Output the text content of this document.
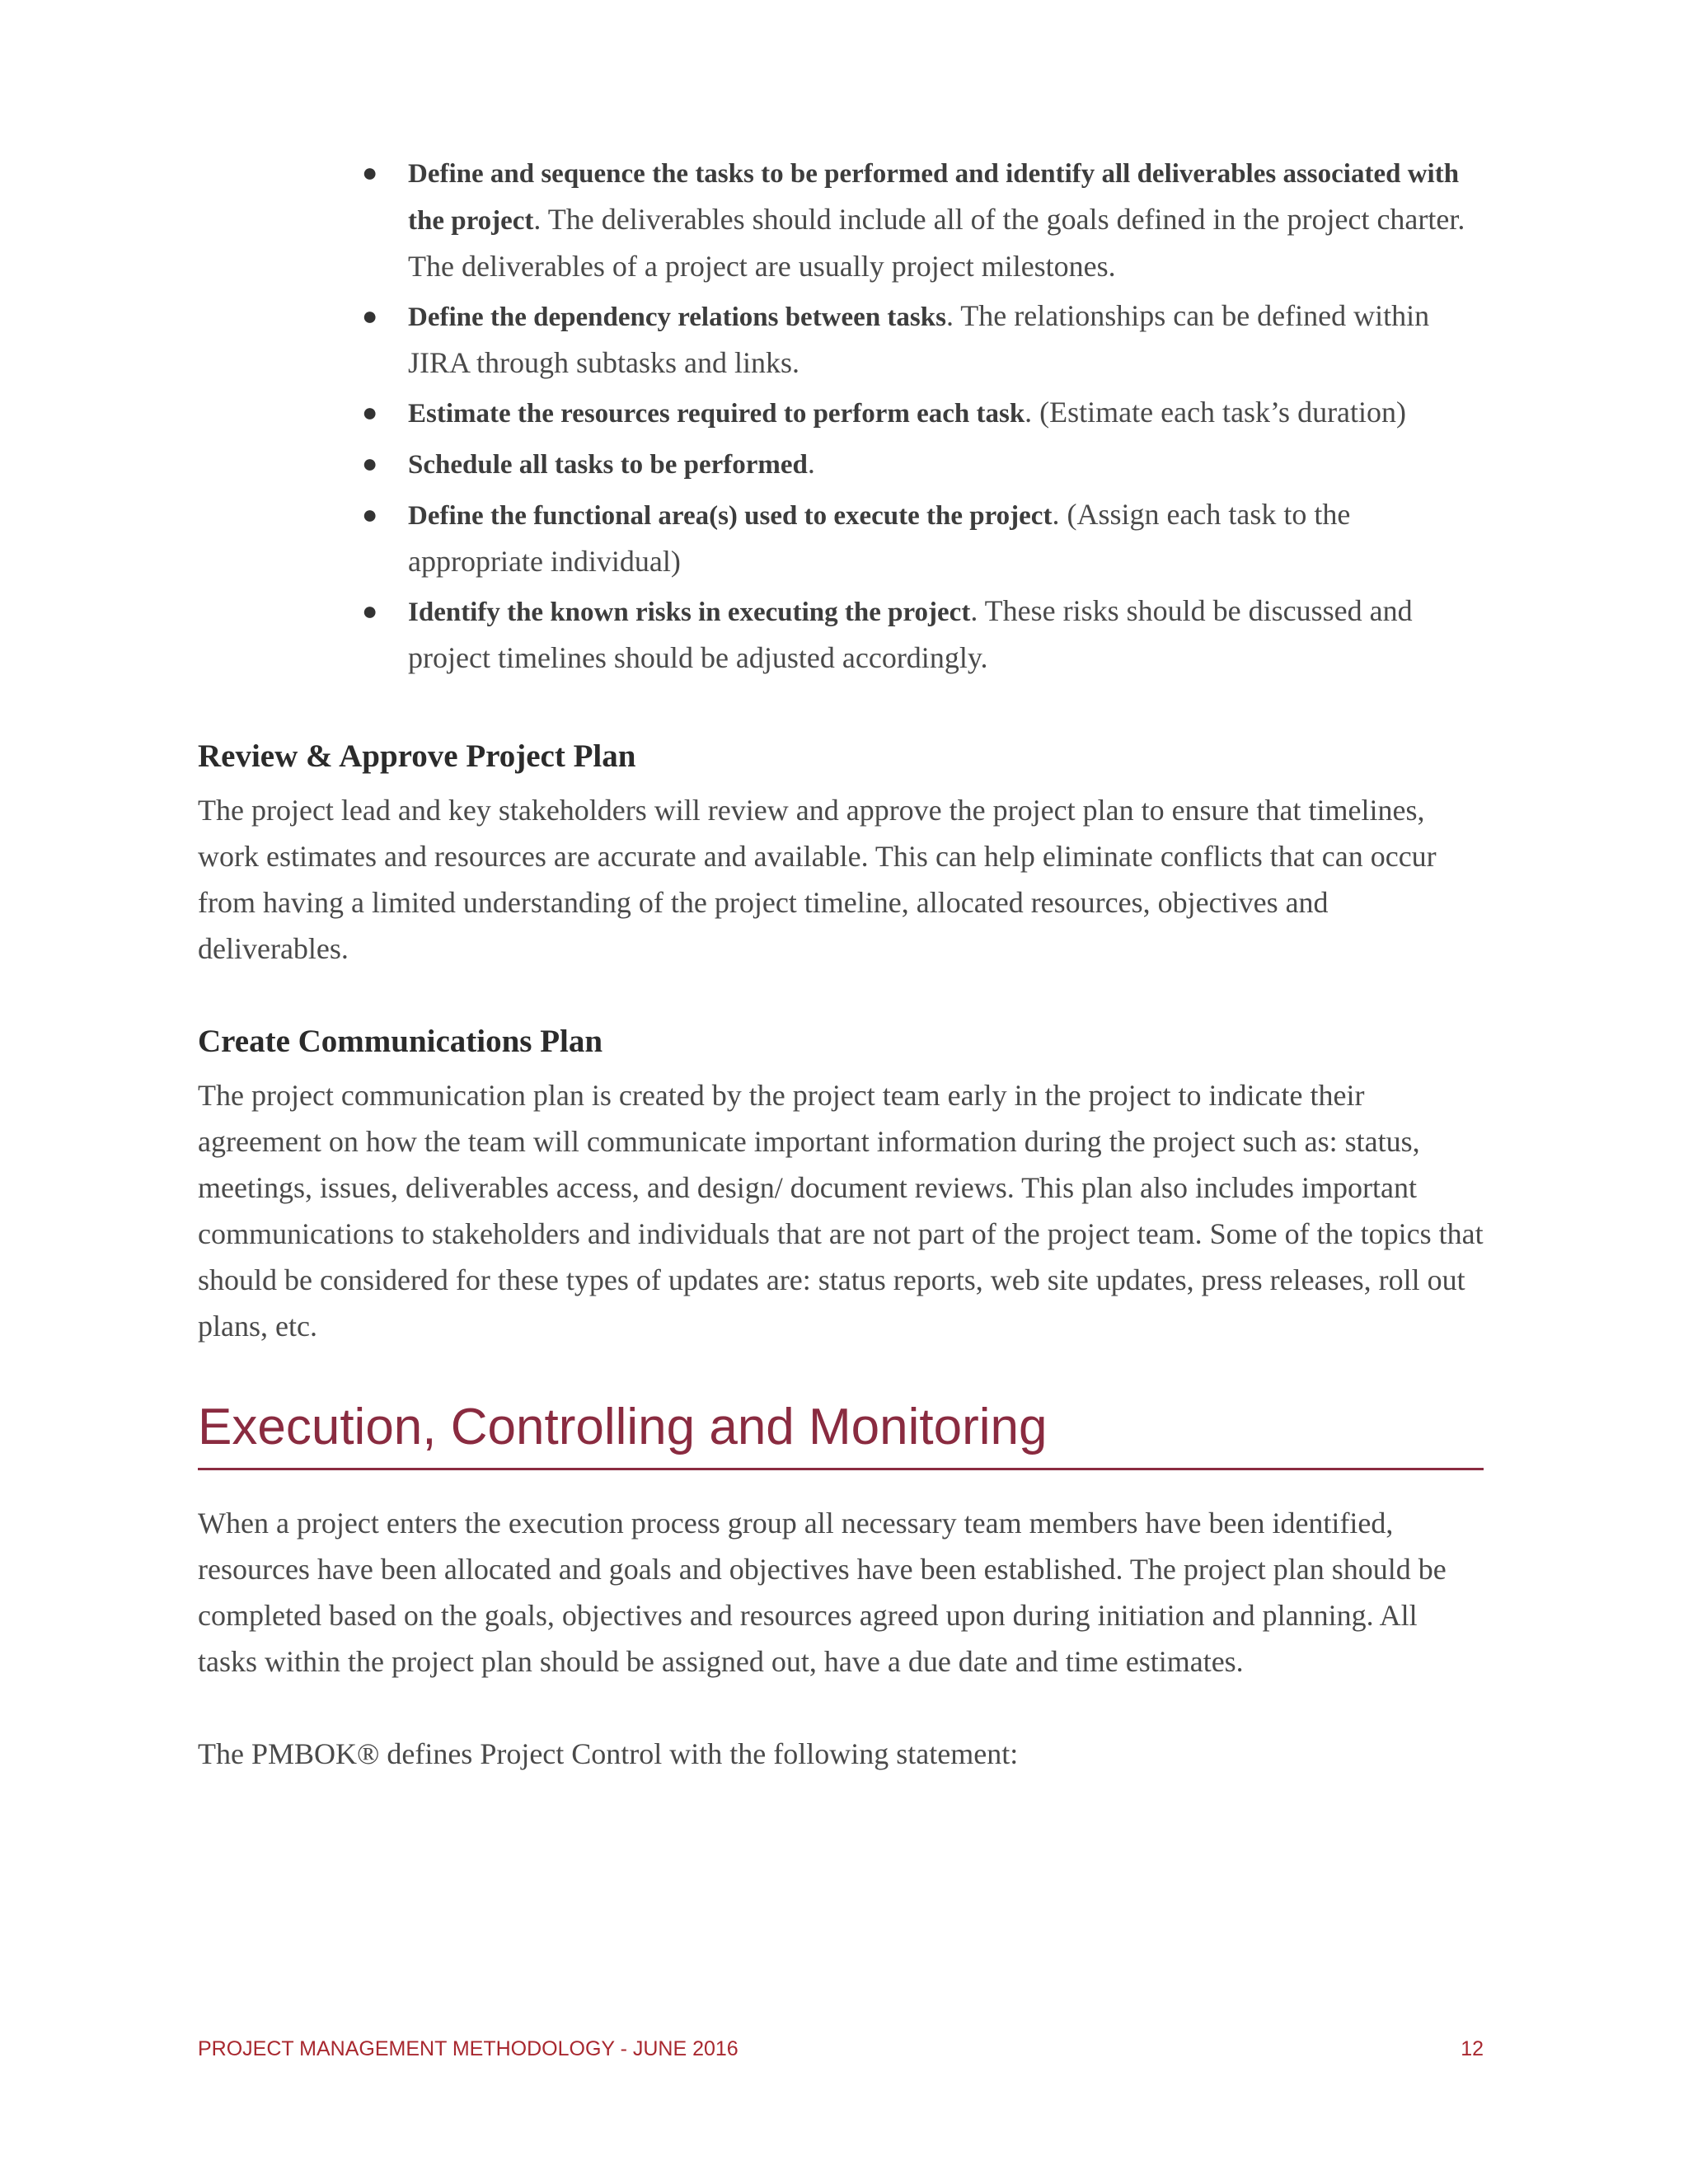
● Define and sequence the tasks to be performed and identify all deliverables associated with the project. The deliverables should include all of the goals defined in the project charter. The deliverables of a project are usually project milestones.
● Define the dependency relations between tasks. The relationships can be defined within JIRA through subtasks and links.
● Estimate the resources required to perform each task. (Estimate each task’s duration)
● Schedule all tasks to be performed.
● Define the functional area(s) used to execute the project. (Assign each task to the appropriate individual)
● Identify the known risks in executing the project. These risks should be discussed and project timelines should be adjusted accordingly.
Review & Approve Project Plan

The project lead and key stakeholders will review and approve the project plan to ensure that timelines, work estimates and resources are accurate and available. This can help eliminate conflicts that can occur from having a limited understanding of the project timeline, allocated resources, objectives and deliverables.

Create Communications Plan

The project communication plan is created by the project team early in the project to indicate their agreement on how the team will communicate important information during the project such as: status, meetings, issues, deliverables access, and design/ document reviews. This plan also includes important communications to stakeholders and individuals that are not part of the project team. Some of the topics that should be considered for these types of updates are: status reports, web site updates, press releases, roll out plans, etc.

Execution, Controlling and Monitoring

When a project enters the execution process group all necessary team members have been identified, resources have been allocated and goals and objectives have been established. The project plan should be completed based on the goals, objectives and resources agreed upon during initiation and planning. All tasks within the project plan should be assigned out, have a due date and time estimates.

The PMBOK® defines Project Control with the following statement:

PROJECT MANAGEMENT METHODOLOGY - JUNE 2016	12
